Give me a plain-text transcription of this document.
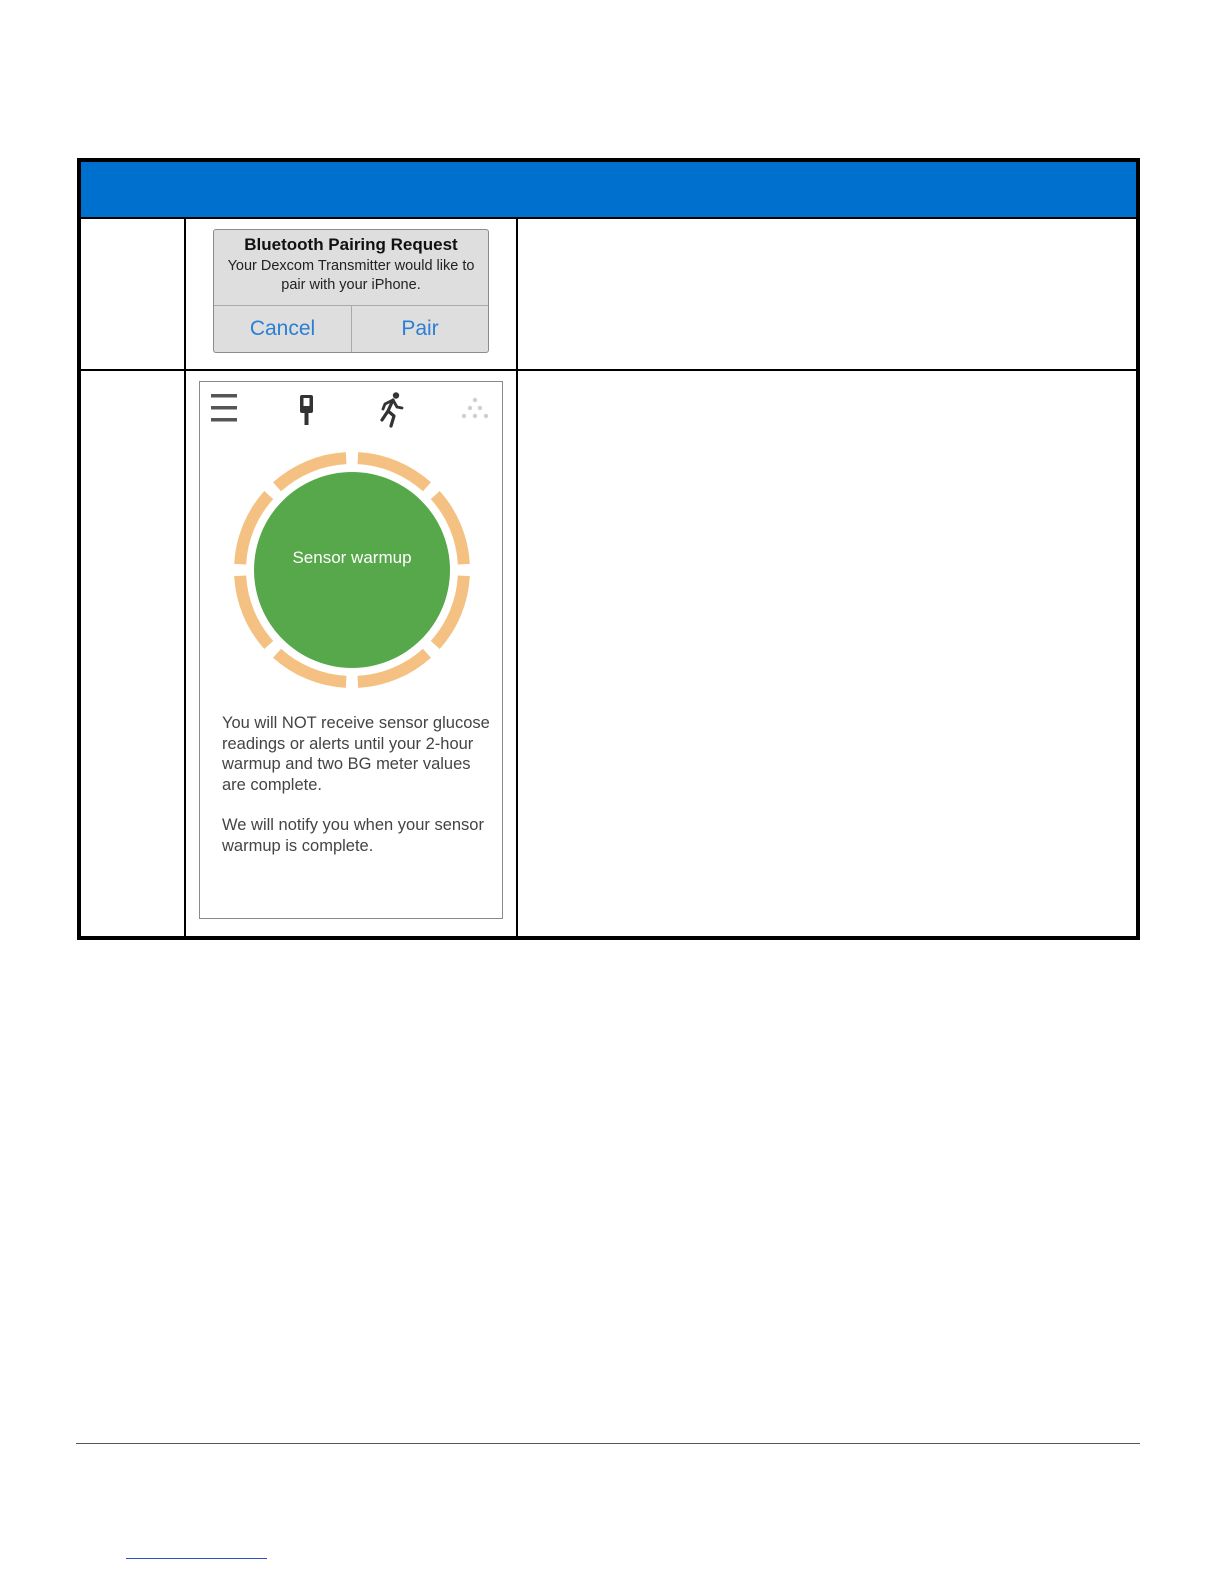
Bluetooth Pairing Request
Your Dexcom Transmitter would like to pair with your iPhone.
Cancel	Pair
Sensor warmup
You will NOT receive sensor glucose readings or alerts until your 2-hour warmup and two BG meter values are complete.
We will notify you when your sensor warmup is complete.
